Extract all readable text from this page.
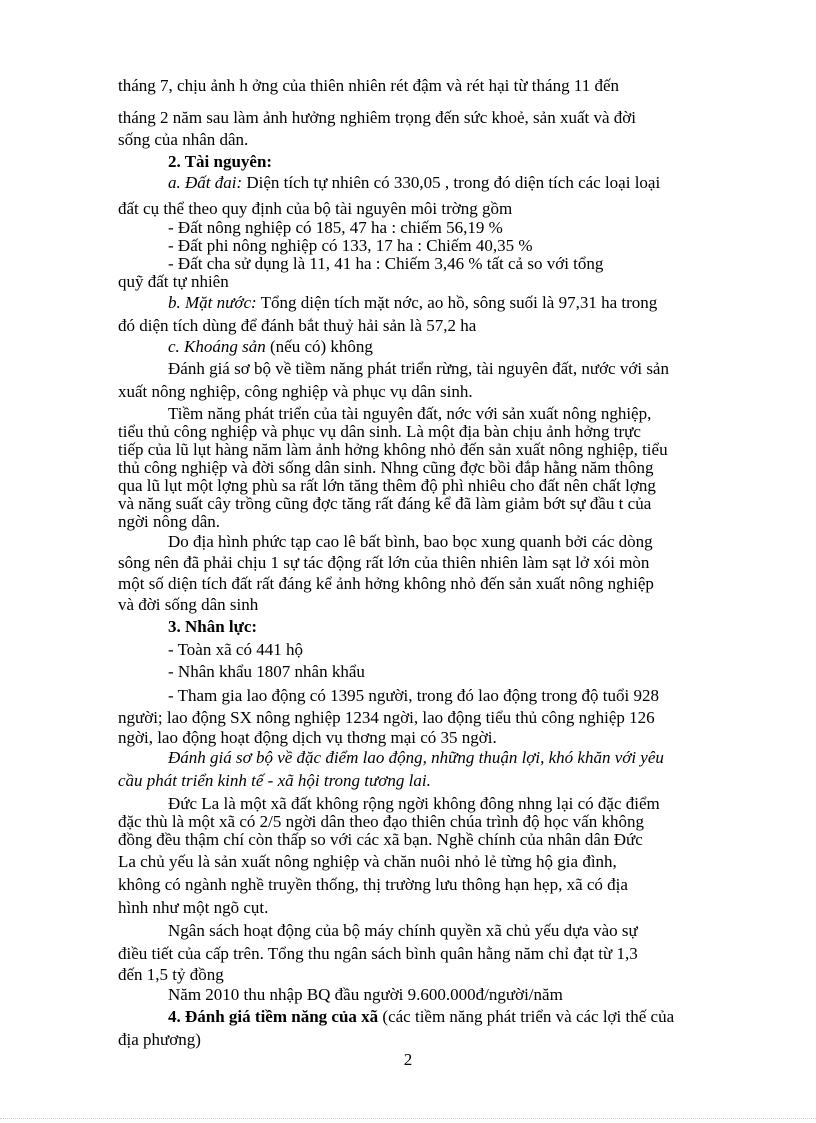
tháng 7, chịu ảnh h ởng của thiên nhiên rét đậm và rét hại từ tháng 11 đến
tháng 2 năm sau làm ảnh hưởng nghiêm trọng đến sức khoẻ, sản xuất và đời
sống của nhân dân.
2. Tài nguyên:
a. Đất đai: Diện tích tự nhiên có 330,05 , trong đó diện tích các loại loại
đất cụ thể theo quy định của bộ tài nguyên môi trờng gồm
- Đất nông nghiệp có 185, 47 ha : chiếm 56,19 %
- Đất phi nông nghiệp có 133, 17 ha : Chiếm 40,35 %
- Đất cha sử dụng là 11, 41 ha : Chiếm 3,46 % tất cả so với tổng
quỹ đất tự nhiên
b. Mặt nước: Tổng diện tích mặt nớc, ao hồ, sông suối là 97,31 ha trong
đó diện tích dùng để đánh bắt thuỷ hải sản là 57,2 ha
c. Khoáng sản (nếu có) không
Đánh giá sơ bộ về tiềm năng phát triển rừng, tài nguyên đất, nước với sản
xuất nông nghiệp, công nghiệp và phục vụ dân sinh.
Tiềm năng phát triển của tài nguyên đất, nớc với sản xuất nông nghiệp,
tiểu thủ công nghiệp và phục vụ dân sinh. Là một địa bàn chịu ảnh hởng trực
tiếp của lũ lụt hàng năm làm ảnh hởng không nhỏ đến sản xuất nông nghiệp, tiểu
thủ công nghiệp và đời sống dân sinh. Nhng cũng đợc bồi đắp hằng năm thông
qua lũ lụt một lợng phù sa rất lớn tăng thêm độ phì nhiêu cho đất nên chất lợng
và năng suất cây trồng cũng đợc tăng rất đáng kể đã làm giảm bớt sự đầu t của
ngời nông dân.
Do địa hình phức tạp cao lê bất bình, bao bọc xung quanh bởi các dòng
sông nên đã phải chịu 1 sự tác động rất lớn của thiên nhiên làm sạt lở xói mòn
một số diện tích đất rất đáng kể ảnh hởng không nhỏ đến sản xuất nông nghiệp
và đời sống dân sinh
3. Nhân lực:
- Toàn xã có 441 hộ
- Nhân khẩu 1807 nhân khẩu
- Tham gia lao động có 1395 người, trong đó lao động trong độ tuổi 928
người; lao động SX nông nghiệp 1234 ngời, lao động tiểu thủ công nghiệp 126
ngời, lao động hoạt động dịch vụ thơng mại có 35 ngời.
Đánh giá sơ bộ về đặc điểm lao động, những thuận lợi, khó khăn với yêu
cầu phát triển kinh tế - xã hội trong tương lai.
Đức La là một xã đất không rộng ngời không đông nhng lại có đặc điểm
đặc thù là một xã có 2/5 ngời dân theo đạo thiên chúa trình độ học vấn không
đồng đều thậm chí còn thấp so với các xã bạn. Nghề chính của nhân dân Đức
La chủ yếu là sản xuất nông nghiệp và chăn nuôi nhỏ lẻ từng hộ gia đình,
không có ngành nghề truyền thống, thị trường lưu thông hạn hẹp, xã có địa
hình như một ngõ cụt.
Ngân sách hoạt động của bộ máy chính quyền xã chủ yếu dựa vào sự
điều tiết của cấp trên. Tổng thu ngân sách bình quân hằng năm chỉ đạt từ 1,3
đến 1,5 tỷ đồng
Năm 2010 thu nhập BQ đầu người 9.600.000đ/người/năm
4. Đánh giá tiềm năng của xã (các tiềm năng phát triển và các lợi thế của
địa phương)
2
